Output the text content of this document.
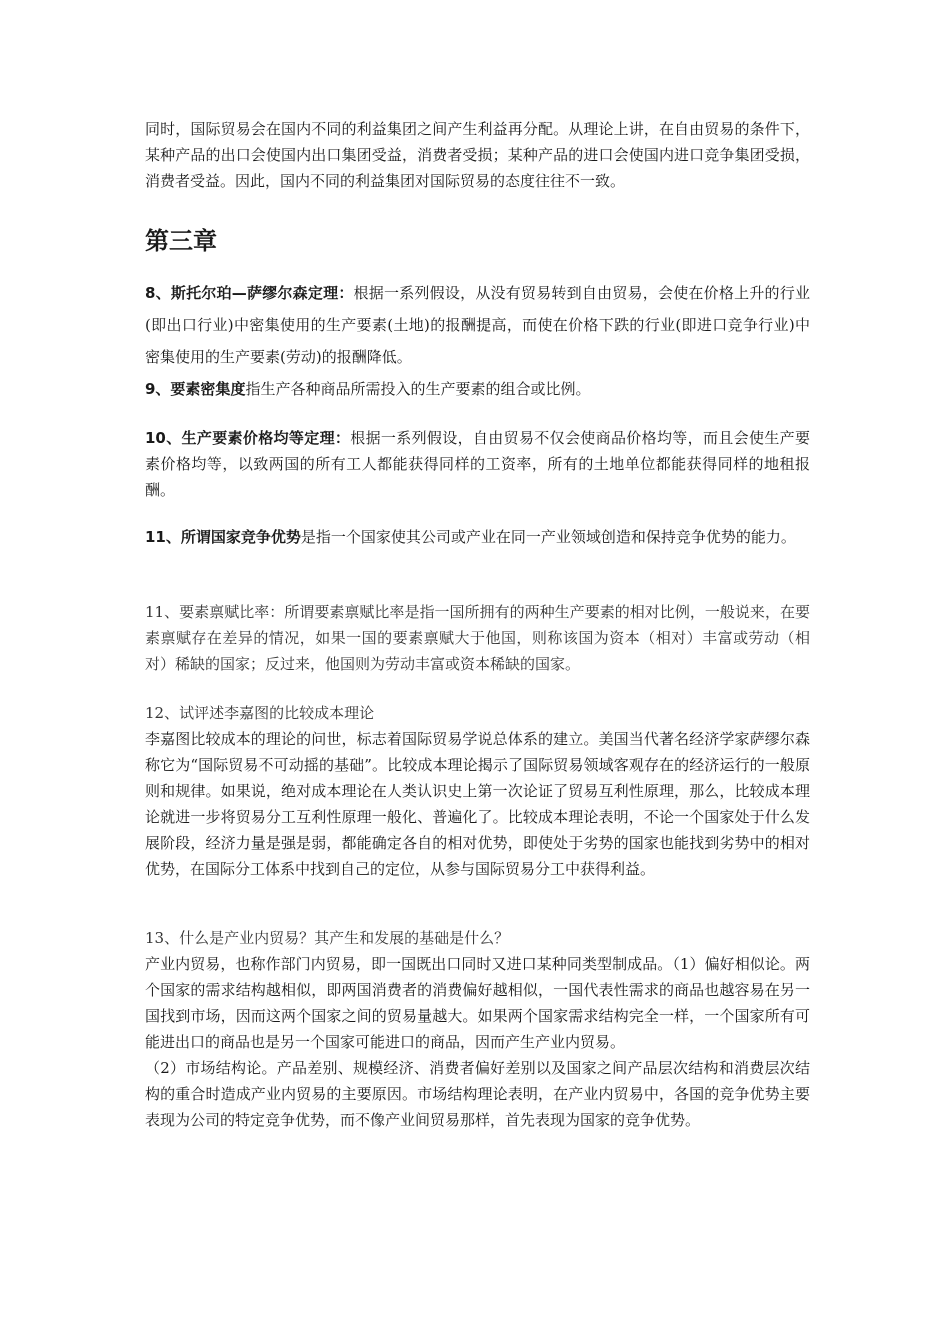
同时，国际贸易会在国内不同的利益集团之间产生利益再分配。从理论上讲，在自由贸易的条件下，某种产品的出口会使国内出口集团受益，消费者受损；某种产品的进口会使国内进口竞争集团受损，消费者受益。因此，国内不同的利益集团对国际贸易的态度往往不一致。

第三章

8、斯托尔珀—萨缪尔森定理：根据一系列假设，从没有贸易转到自由贸易，会使在价格上升的行业(即出口行业)中密集使用的生产要素(土地)的报酬提高，而使在价格下跌的行业(即进口竞争行业)中密集使用的生产要素(劳动)的报酬降低。

9、要素密集度指生产各种商品所需投入的生产要素的组合或比例。

10、生产要素价格均等定理：根据一系列假设，自由贸易不仅会使商品价格均等，而且会使生产要素价格均等，以致两国的所有工人都能获得同样的工资率，所有的土地单位都能获得同样的地租报酬。

11、所谓国家竞争优势是指一个国家使其公司或产业在同一产业领域创造和保持竞争优势的能力。

11、要素禀赋比率：所谓要素禀赋比率是指一国所拥有的两种生产要素的相对比例，一般说来，在要素禀赋存在差异的情况，如果一国的要素禀赋大于他国，则称该国为资本（相对）丰富或劳动（相对）稀缺的国家；反过来，他国则为劳动丰富或资本稀缺的国家。

12、试评述李嘉图的比较成本理论

李嘉图比较成本的理论的问世，标志着国际贸易学说总体系的建立。美国当代著名经济学家萨缪尔森称它为“国际贸易不可动摇的基础”。比较成本理论揭示了国际贸易领域客观存在的经济运行的一般原则和规律。如果说，绝对成本理论在人类认识史上第一次论证了贸易互利性原理，那么，比较成本理论就进一步将贸易分工互利性原理一般化、普遍化了。比较成本理论表明，不论一个国家处于什么发展阶段，经济力量是强是弱，都能确定各自的相对优势，即使处于劣势的国家也能找到劣势中的相对优势，在国际分工体系中找到自己的定位，从参与国际贸易分工中获得利益。

13、什么是产业内贸易？其产生和发展的基础是什么？

产业内贸易，也称作部门内贸易，即一国既出口同时又进口某种同类型制成品。（1）偏好相似论。两个国家的需求结构越相似，即两国消费者的消费偏好越相似，一国代表性需求的商品也越容易在另一国找到市场，因而这两个国家之间的贸易量越大。如果两个国家需求结构完全一样，一个国家所有可能进出口的商品也是另一个国家可能进口的商品，因而产生产业内贸易。

（2）市场结构论。产品差别、规模经济、消费者偏好差别以及国家之间产品层次结构和消费层次结构的重合时造成产业内贸易的主要原因。市场结构理论表明，在产业内贸易中，各国的竞争优势主要表现为公司的特定竞争优势，而不像产业间贸易那样，首先表现为国家的竞争优势。
